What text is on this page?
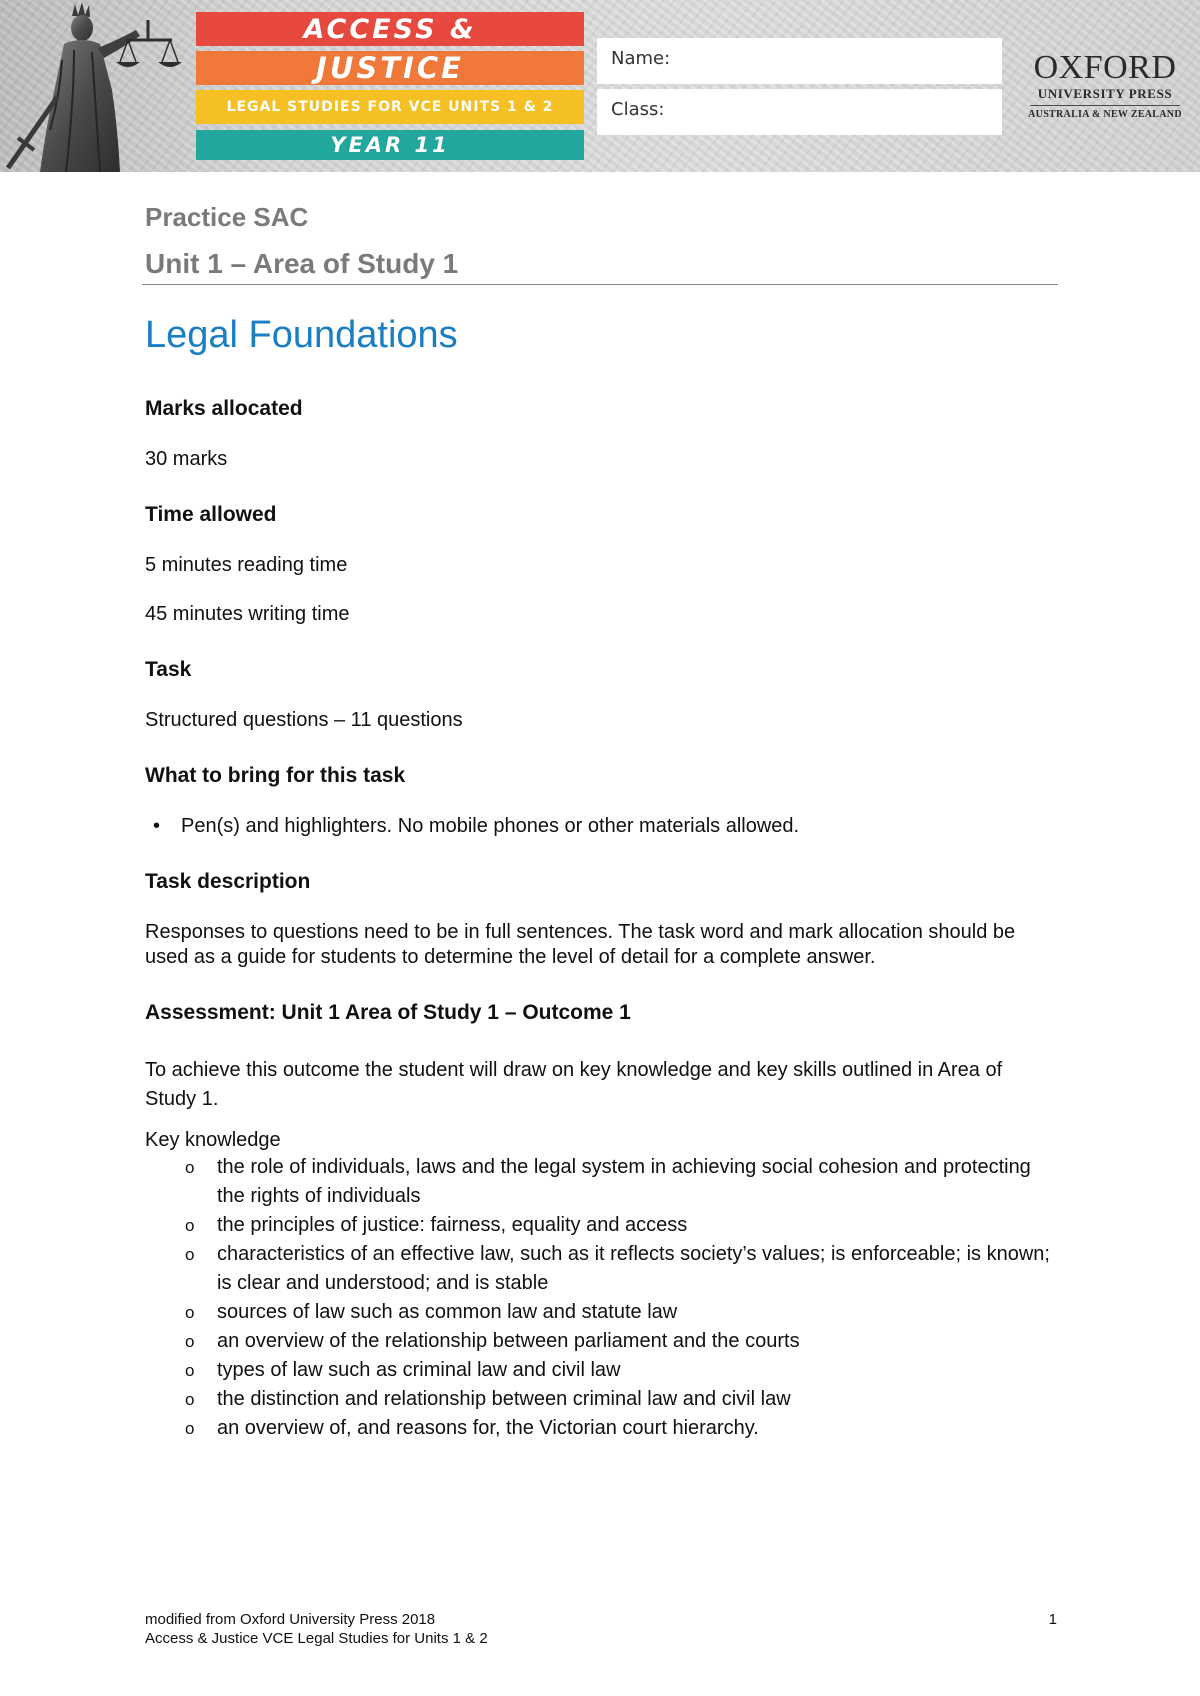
ACCESS &
JUSTICE
LEGAL STUDIES FOR VCE UNITS 1 & 2
YEAR 11
Name:
Class:
OXFORD
UNIVERSITY PRESS
AUSTRALIA & NEW ZEALAND
Practice SAC
Unit 1 – Area of Study 1
Legal Foundations
Marks allocated

30 marks

Time allowed

5 minutes reading time

45 minutes writing time

Task

Structured questions – 11 questions

What to bring for this task
• Pen(s) and highlighters. No mobile phones or other materials allowed.
Task description

Responses to questions need to be in full sentences. The task word and mark allocation should be used as a guide for students to determine the level of detail for a complete answer.

Assessment: Unit 1 Area of Study 1 – Outcome 1

To achieve this outcome the student will draw on key knowledge and key skills outlined in Area of Study 1.

Key knowledge

o the role of individuals, laws and the legal system in achieving social cohesion and protecting the rights of individuals
o the principles of justice: fairness, equality and access
o characteristics of an effective law, such as it reflects society’s values; is enforceable; is known; is clear and understood; and is stable
o sources of law such as common law and statute law
o an overview of the relationship between parliament and the courts
o types of law such as criminal law and civil law
o the distinction and relationship between criminal law and civil law
o an overview of, and reasons for, the Victorian court hierarchy.
modified from Oxford University Press 2018
Access & Justice VCE Legal Studies for Units 1 & 2
1
